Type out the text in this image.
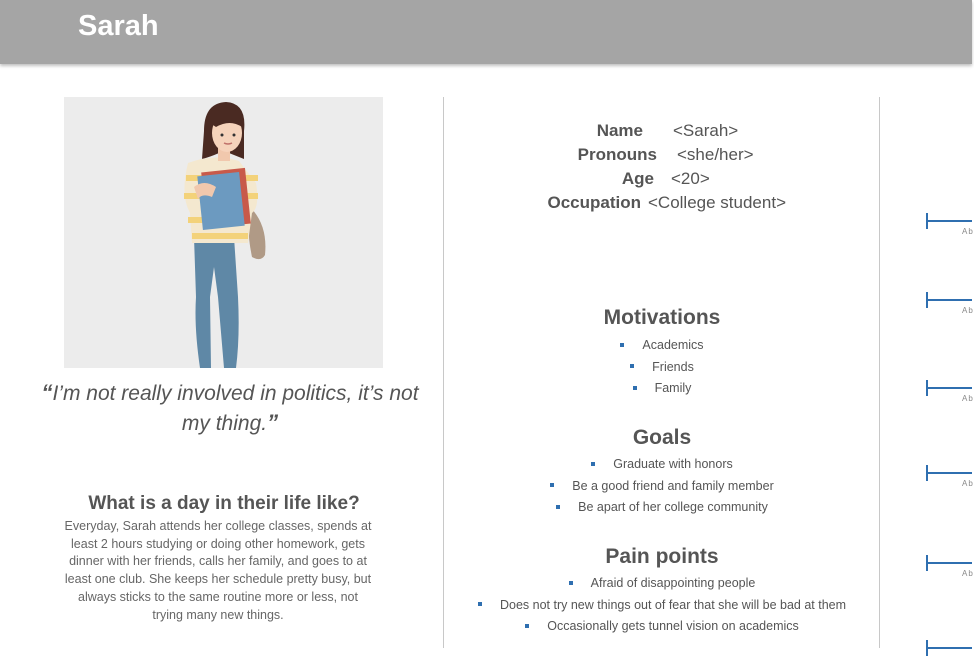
Sarah
“I’m not really involved in politics, it’s not my thing.”
What is a day in their life like?
Everyday, Sarah attends her college classes, spends at least 2 hours studying or doing other homework, gets dinner with her friends, calls her family, and goes to at least one club. She keeps her schedule pretty busy, but always sticks to the same routine more or less, not trying many new things.
Name <Sarah>
Pronouns <she/her>
Age <20>
Occupation <College student>
Motivations
Academics
Friends
Family
Goals
Graduate with honors
Be a good friend and family member
Be apart of her college community
Pain points
Afraid of disappointing people
Does not try new things out of fear that she will be bad at them
Occasionally gets tunnel vision on academics
Ab
Ab
Ab
Ab
Ab
